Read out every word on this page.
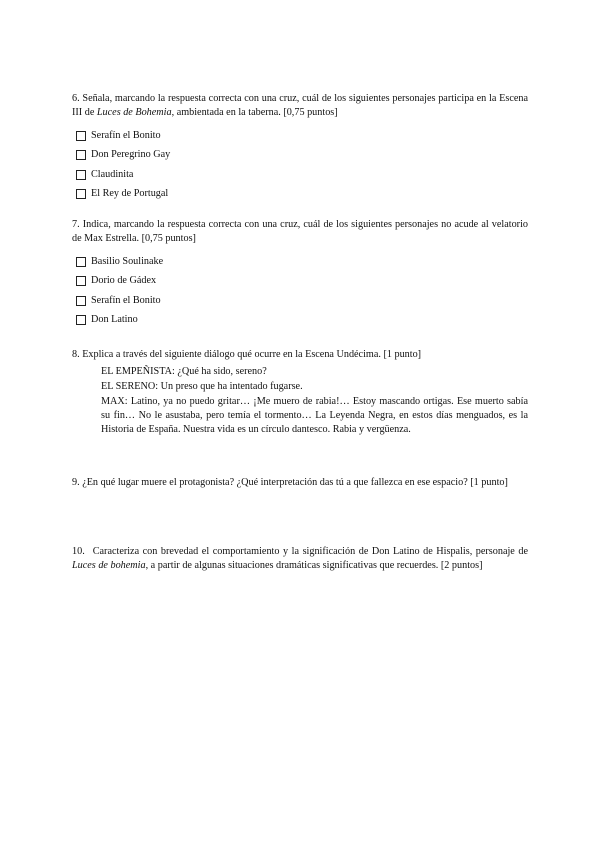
6. Señala, marcando la respuesta correcta con una cruz, cuál de los siguientes personajes participa en la Escena III de Luces de Bohemia, ambientada en la taberna. [0,75 puntos]

Serafín el Bonito
Don Peregrino Gay
Claudinita
El Rey de Portugal

7. Indica, marcando la respuesta correcta con una cruz, cuál de los siguientes personajes no acude al velatorio de Max Estrella. [0,75 puntos]

Basilio Soulinake
Dorio de Gádex
Serafín el Bonito
Don Latino

8. Explica a través del siguiente diálogo qué ocurre en la Escena Undécima. [1 punto]

EL EMPEÑISTA: ¿Qué ha sido, sereno?

EL SERENO: Un preso que ha intentado fugarse.

MAX: Latino, ya no puedo gritar… ¡Me muero de rabia!… Estoy mascando ortigas. Ese muerto sabía su fin… No le asustaba, pero temía el tormento… La Leyenda Negra, en estos días menguados, es la Historia de España. Nuestra vida es un círculo dantesco. Rabia y vergüenza.

9. ¿En qué lugar muere el protagonista? ¿Qué interpretación das tú a que fallezca en ese espacio? [1 punto]

10. Caracteriza con brevedad el comportamiento y la significación de Don Latino de Hispalis, personaje de Luces de bohemia, a partir de algunas situaciones dramáticas significativas que recuerdes. [2 puntos]
